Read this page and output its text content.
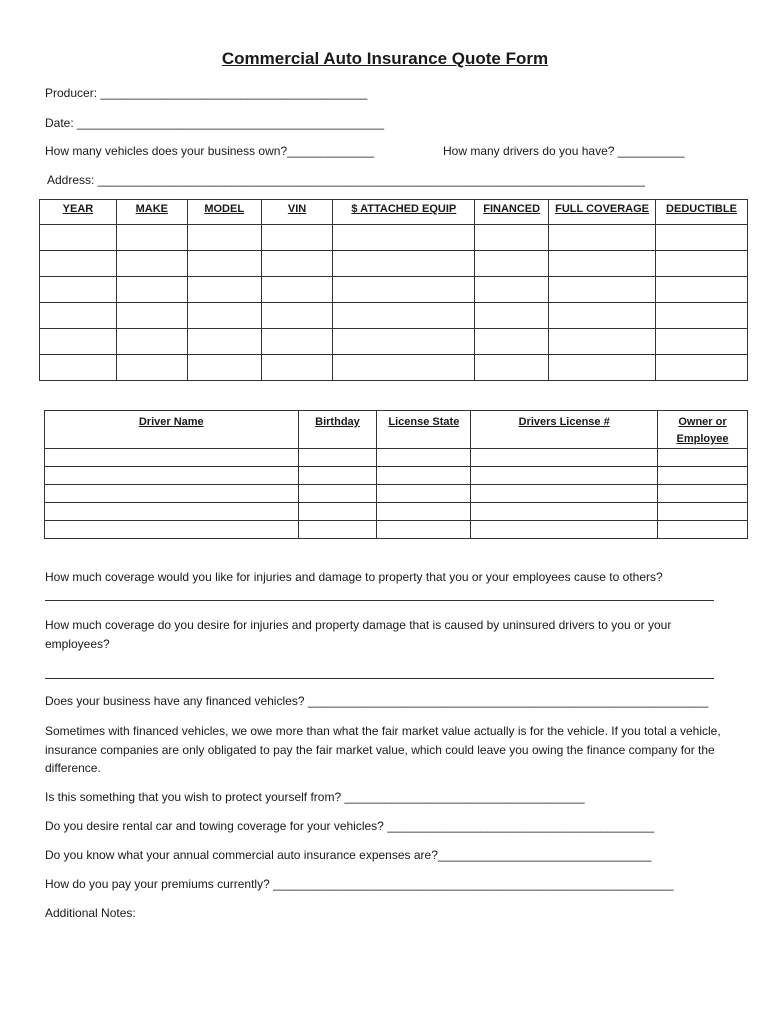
Commercial Auto Insurance Quote Form
Producer: ________________________________________
Date: ______________________________________________
How many vehicles does your business own?_____________	How many drivers do you have? __________
Address: __________________________________________________________________________________
YEAR	MAKE	MODEL	VIN	$ ATTACHED EQUIP	FINANCED	FULL COVERAGE	DEDUCTIBLE

Driver Name	Birthday	License State	Drivers License #	Owner or Employee

How much coverage would you like for injuries and damage to property that you or your employees cause to others?
How much coverage do you desire for injuries and property damage that is caused by uninsured drivers to you or your employees?
Does your business have any financed vehicles? ____________________________________________________________
Sometimes with financed vehicles, we owe more than what the fair market value actually is for the vehicle. If you total a vehicle, insurance companies are only obligated to pay the fair market value, which could leave you owing the finance company for the difference.
Is this something that you wish to protect yourself from? ____________________________________
Do you desire rental car and towing coverage for your vehicles? ________________________________________
Do you know what your annual commercial auto insurance expenses are?________________________________
How do you pay your premiums currently? ____________________________________________________________
Additional Notes:
